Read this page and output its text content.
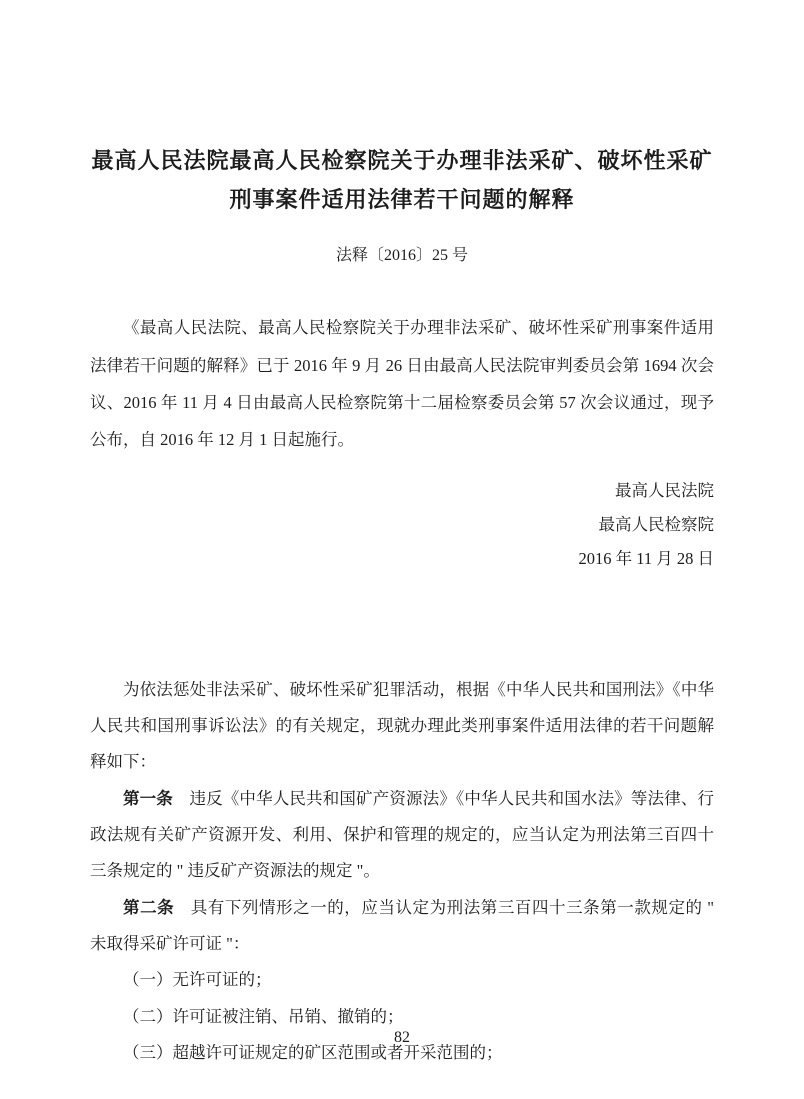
最高人民法院最高人民检察院关于办理非法采矿、破坏性采矿刑事案件适用法律若干问题的解释
法释〔2016〕25 号

《最高人民法院、最高人民检察院关于办理非法采矿、破坏性采矿刑事案件适用法律若干问题的解释》已于 2016 年 9 月 26 日由最高人民法院审判委员会第 1694 次会议、2016 年 11 月 4 日由最高人民检察院第十二届检察委员会第 57 次会议通过，现予公布，自 2016 年 12 月 1 日起施行。

最高人民法院
最高人民检察院
2016 年 11 月 28 日

为依法惩处非法采矿、破坏性采矿犯罪活动，根据《中华人民共和国刑法》《中华人民共和国刑事诉讼法》的有关规定，现就办理此类刑事案件适用法律的若干问题解释如下：

第一条 违反《中华人民共和国矿产资源法》《中华人民共和国水法》等法律、行政法规有关矿产资源开发、利用、保护和管理的规定的，应当认定为刑法第三百四十三条规定的 " 违反矿产资源法的规定 "。

第二条 具有下列情形之一的，应当认定为刑法第三百四十三条第一款规定的 " 未取得采矿许可证 "：

（一）无许可证的；

（二）许可证被注销、吊销、撤销的；

（三）超越许可证规定的矿区范围或者开采范围的；

82
